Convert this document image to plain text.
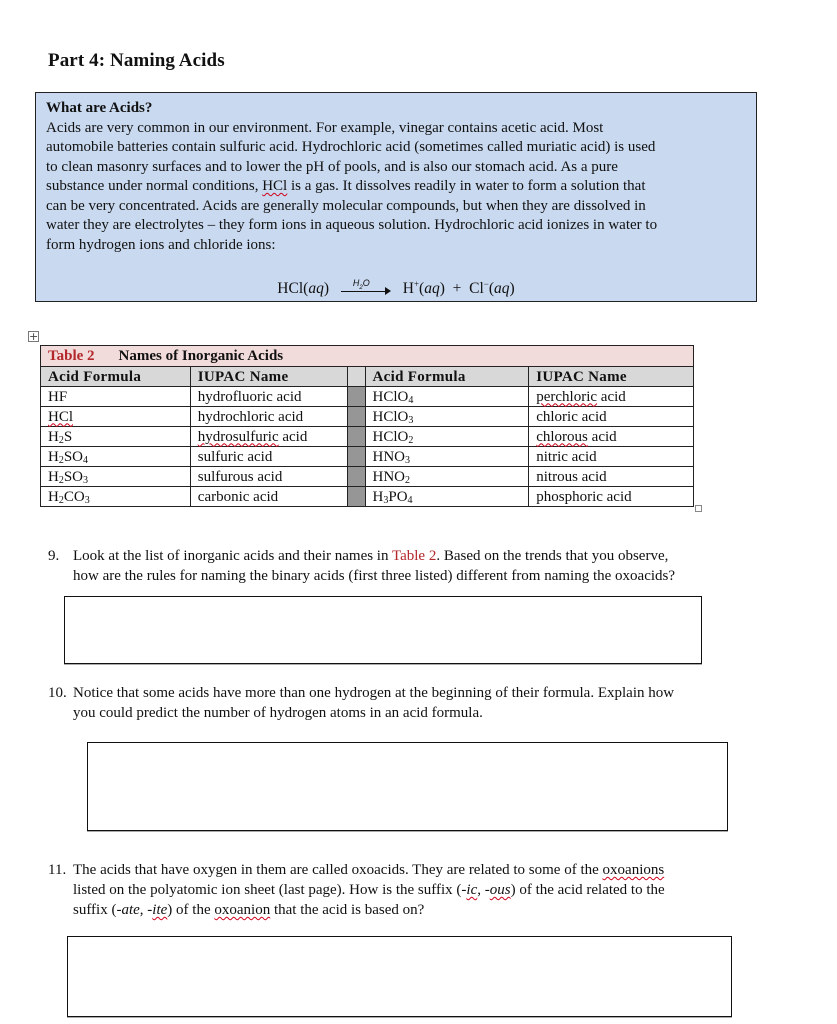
Part 4: Naming Acids
What are Acids?
Acids are very common in our environment. For example, vinegar contains acetic acid. Most
automobile batteries contain sulfuric acid. Hydrochloric acid (sometimes called muriatic acid) is used
to clean masonry surfaces and to lower the pH of pools, and is also our stomach acid. As a pure
substance under normal conditions, HCl is a gas. It dissolves readily in water to form a solution that
can be very concentrated. Acids are generally molecular compounds, but when they are dissolved in
water they are electrolytes – they form ions in aqueous solution. Hydrochloric acid ionizes in water to
form hydrogen ions and chloride ions:
HCl(aq)	$H_2O$ H+(aq) + Cl−(aq)
+
Table 2 Names of Inorganic Acids				
Acid Formula	IUPAC Name		Acid Formula	IUPAC Name
HF	hydrofluoric acid		HClO$_4$	perchloric acid
HCl	hydrochloric acid		HClO$_3$	chloric acid
$H_2S$	hydrosulfuric acid		HClO$_2$	chlorous acid
$H_2SO_4$	sulfuric acid		$HNO_3$	nitric acid
$H_2SO_3$	sulfurous acid		$HNO_2$	nitrous acid
$H_2CO_3$	carbonic acid		$H_3PO_4$	phosphoric acid
9. Look at the list of inorganic acids and their names in Table 2. Based on the trends that you observe,
how are the rules for naming the binary acids (first three listed) different from naming the oxoacids?
10. Notice that some acids have more than one hydrogen at the beginning of their formula. Explain how
you could predict the number of hydrogen atoms in an acid formula.
11. The acids that have oxygen in them are called oxoacids. They are related to some of the oxoanions
listed on the polyatomic ion sheet (last page). How is the suffix (-ic, -ous) of the acid related to the
suffix (-ate, -ite) of the oxoanion that the acid is based on?
